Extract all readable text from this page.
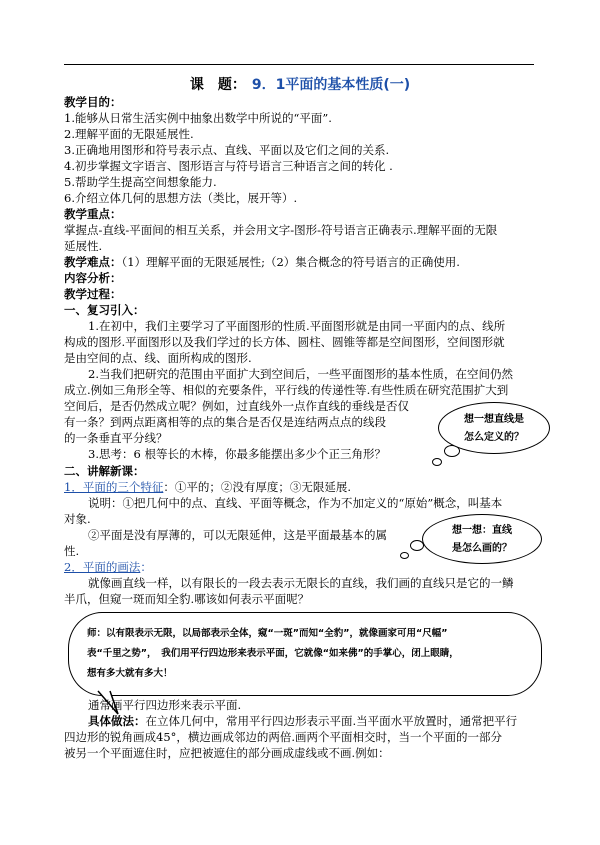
课　题： 9．1平面的基本性质(一)
教学目的：
1.能够从日常生活实例中抽象出数学中所说的“平面”.
2.理解平面的无限延展性.
3.正确地用图形和符号表示点、直线、平面以及它们之间的关系.
4.初步掌握文字语言、图形语言与符号语言三种语言之间的转化 .
5.帮助学生提高空间想象能力.
6.介绍立体几何的思想方法（类比，展开等）.
教学重点：
掌握点-直线-平面间的相互关系，并会用文字-图形-符号语言正确表示.理解平面的无限
延展性.
教学难点：（1）理解平面的无限延展性;（2）集合概念的符号语言的正确使用.
内容分析：
教学过程：
一、复习引入：
1.在初中，我们主要学习了平面图形的性质.平面图形就是由同一平面内的点、线所
构成的图形.平面图形以及我们学过的长方体、圆柱、圆锥等都是空间图形，空间图形就
是由空间的点、线、面所构成的图形.
2.当我们把研究的范围由平面扩大到空间后，一些平面图形的基本性质，在空间仍然
成立.例如三角形全等、相似的充要条件，平行线的传递性等.有些性质在研究范围扩大到
空间后，是否仍然成立呢？例如，过直线外一点作直线的垂线是否仅
有一条？到两点距离相等的点的集合是否仅是连结两点点的线段
的一条垂直平分线？
3.思考：6 根等长的木棒，你最多能摆出多少个正三角形？
想一想直线是
怎么定义的？
二、讲解新课：
1．平面的三个特征：①平的；②没有厚度；③无限延展.
说明：①把几何中的点、直线、平面等概念，作为不加定义的“原始”概念，叫基本
对象.
②平面是没有厚薄的，可以无限延伸，这是平面最基本的属
性.
想一想：直线
是怎么画的？
2．平面的画法：
就像画直线一样，以有限长的一段去表示无限长的直线，我们画的直线只是它的一鳞
半爪，但窥一斑而知全豹.哪该如何表示平面呢？

师：以有限表示无限，以局部表示全体，窥“一斑”而知“全豹”，就像画家可用“尺幅”

表“千里之势”，　我们用平行四边形来表示平面，它就像“如来佛”的手掌心，闭上眼睛，

想有多大就有多大！

通常画平行四边形来表示平面.
具体做法：在立体几何中，常用平行四边形表示平面.当平面水平放置时，通常把平行
四边形的锐角画成45°，横边画成邻边的两倍.画两个平面相交时，当一个平面的一部分
被另一个平面遮住时，应把被遮住的部分画成虚线或不画.例如：
